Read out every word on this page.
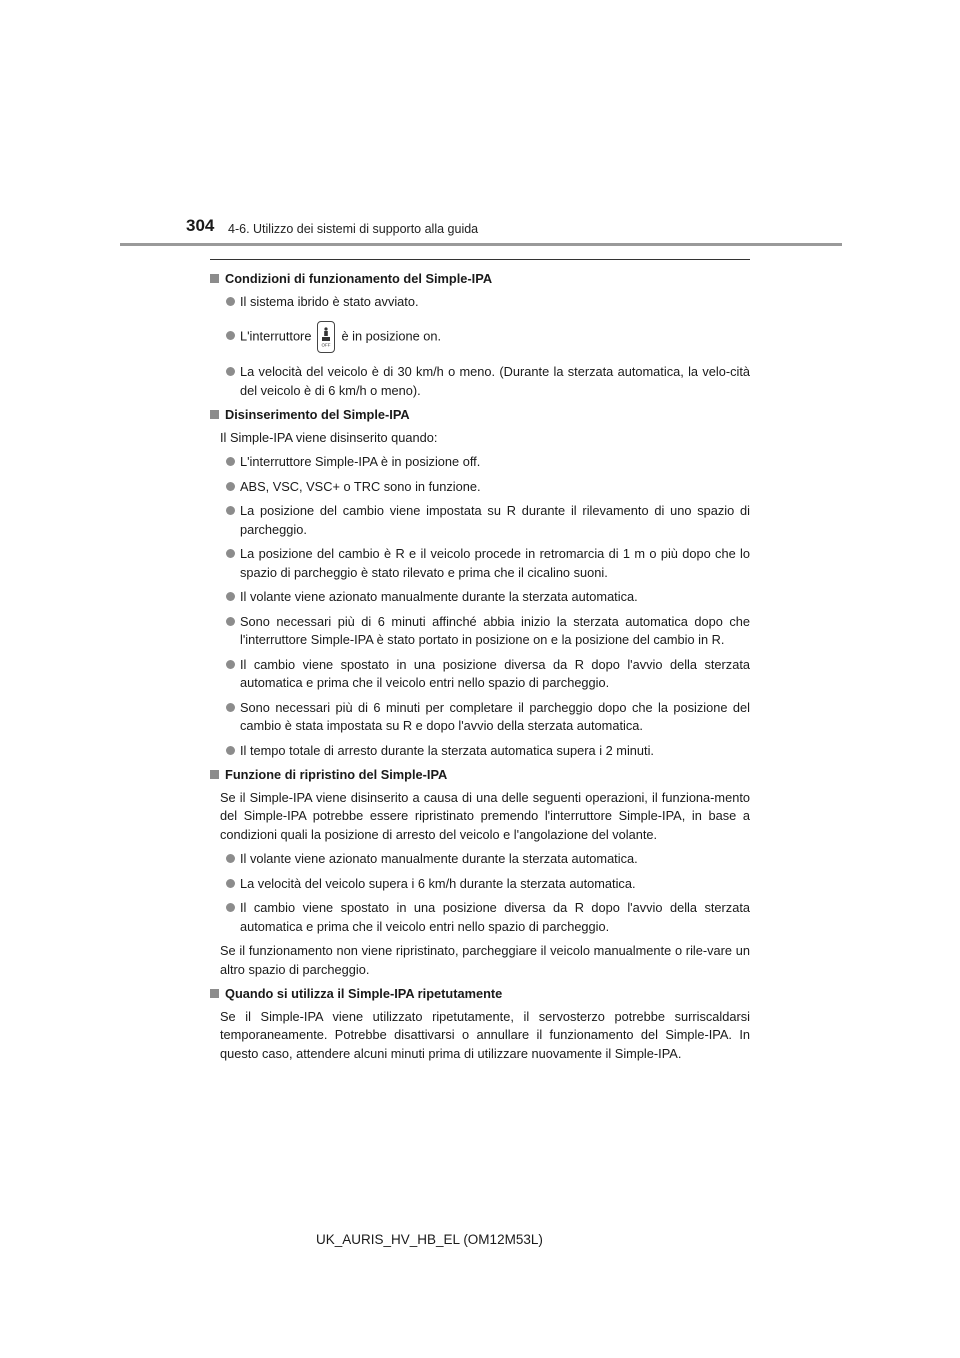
304 4-6. Utilizzo dei sistemi di supporto alla guida
Condizioni di funzionamento del Simple-IPA
Il sistema ibrido è stato avviato.
L'interruttore
OFF
è in posizione on.
La velocità del veicolo è di 30 km/h o meno. (Durante la sterzata automatica, la velo-cità del veicolo è di 6 km/h o meno).
Disinserimento del Simple-IPA
Il Simple-IPA viene disinserito quando:
L'interruttore Simple-IPA è in posizione off.
ABS, VSC, VSC+ o TRC sono in funzione.
La posizione del cambio viene impostata su R durante il rilevamento di uno spazio di parcheggio.
La posizione del cambio è R e il veicolo procede in retromarcia di 1 m o più dopo che lo spazio di parcheggio è stato rilevato e prima che il cicalino suoni.
Il volante viene azionato manualmente durante la sterzata automatica.
Sono necessari più di 6 minuti affinché abbia inizio la sterzata automatica dopo che l'interruttore Simple-IPA è stato portato in posizione on e la posizione del cambio in R.
Il cambio viene spostato in una posizione diversa da R dopo l'avvio della sterzata automatica e prima che il veicolo entri nello spazio di parcheggio.
Sono necessari più di 6 minuti per completare il parcheggio dopo che la posizione del cambio è stata impostata su R e dopo l'avvio della sterzata automatica.
Il tempo totale di arresto durante la sterzata automatica supera i 2 minuti.
Funzione di ripristino del Simple-IPA
Se il Simple-IPA viene disinserito a causa di una delle seguenti operazioni, il funziona-mento del Simple-IPA potrebbe essere ripristinato premendo l'interruttore Simple-IPA, in base a condizioni quali la posizione di arresto del veicolo e l'angolazione del volante.
Il volante viene azionato manualmente durante la sterzata automatica.
La velocità del veicolo supera i 6 km/h durante la sterzata automatica.
Il cambio viene spostato in una posizione diversa da R dopo l'avvio della sterzata automatica e prima che il veicolo entri nello spazio di parcheggio.
Se il funzionamento non viene ripristinato, parcheggiare il veicolo manualmente o rile-vare un altro spazio di parcheggio.
Quando si utilizza il Simple-IPA ripetutamente
Se il Simple-IPA viene utilizzato ripetutamente, il servosterzo potrebbe surriscaldarsi temporaneamente. Potrebbe disattivarsi o annullare il funzionamento del Simple-IPA. In questo caso, attendere alcuni minuti prima di utilizzare nuovamente il Simple-IPA.
UK_AURIS_HV_HB_EL (OM12M53L)
